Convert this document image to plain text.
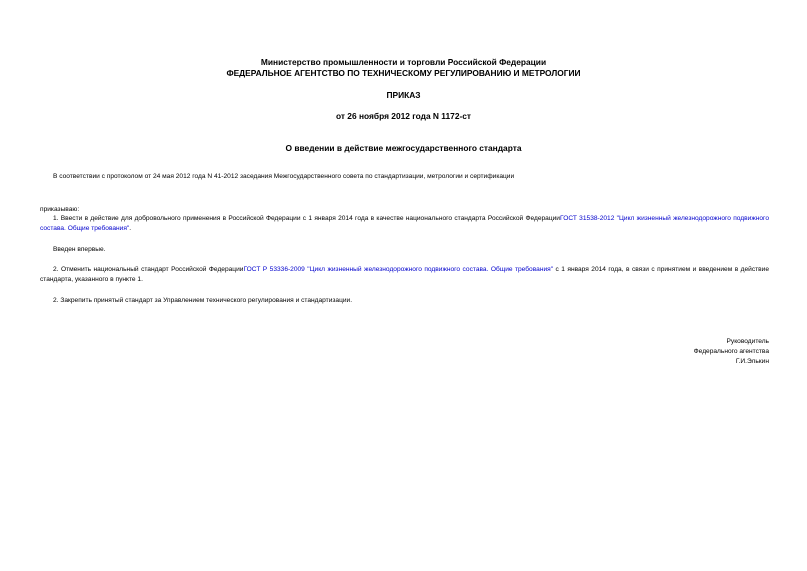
Министерство промышленности и торговли Российской Федерации
ФЕДЕРАЛЬНОЕ АГЕНТСТВО ПО ТЕХНИЧЕСКОМУ РЕГУЛИРОВАНИЮ И МЕТРОЛОГИИ
ПРИКАЗ
от 26 ноября 2012 года N 1172-ст
О введении в действие межгосударственного стандарта
В соответствии с протоколом от 24 мая 2012 года N 41-2012 заседания Межгосударственного совета по стандартизации, метрологии и сертификации
приказываю:
1. Ввести в действие для добровольного применения в Российской Федерации с 1 января 2014 года в качестве национального стандарта Российской ФедерацииГОСТ 31538-2012 "Цикл жизненный железнодорожного подвижного состава. Общие требования".
Введен впервые.
2. Отменить национальный стандарт Российской ФедерацииГОСТ Р 53336-2009 "Цикл жизненный железнодорожного подвижного состава. Общие требования" с 1 января 2014 года, в связи с принятием и введением в действие стандарта, указанного в пункте 1.
2. Закрепить принятый стандарт за Управлением технического регулирования и стандартизации.
Руководитель
Федерального агентства
Г.И.Элькин
